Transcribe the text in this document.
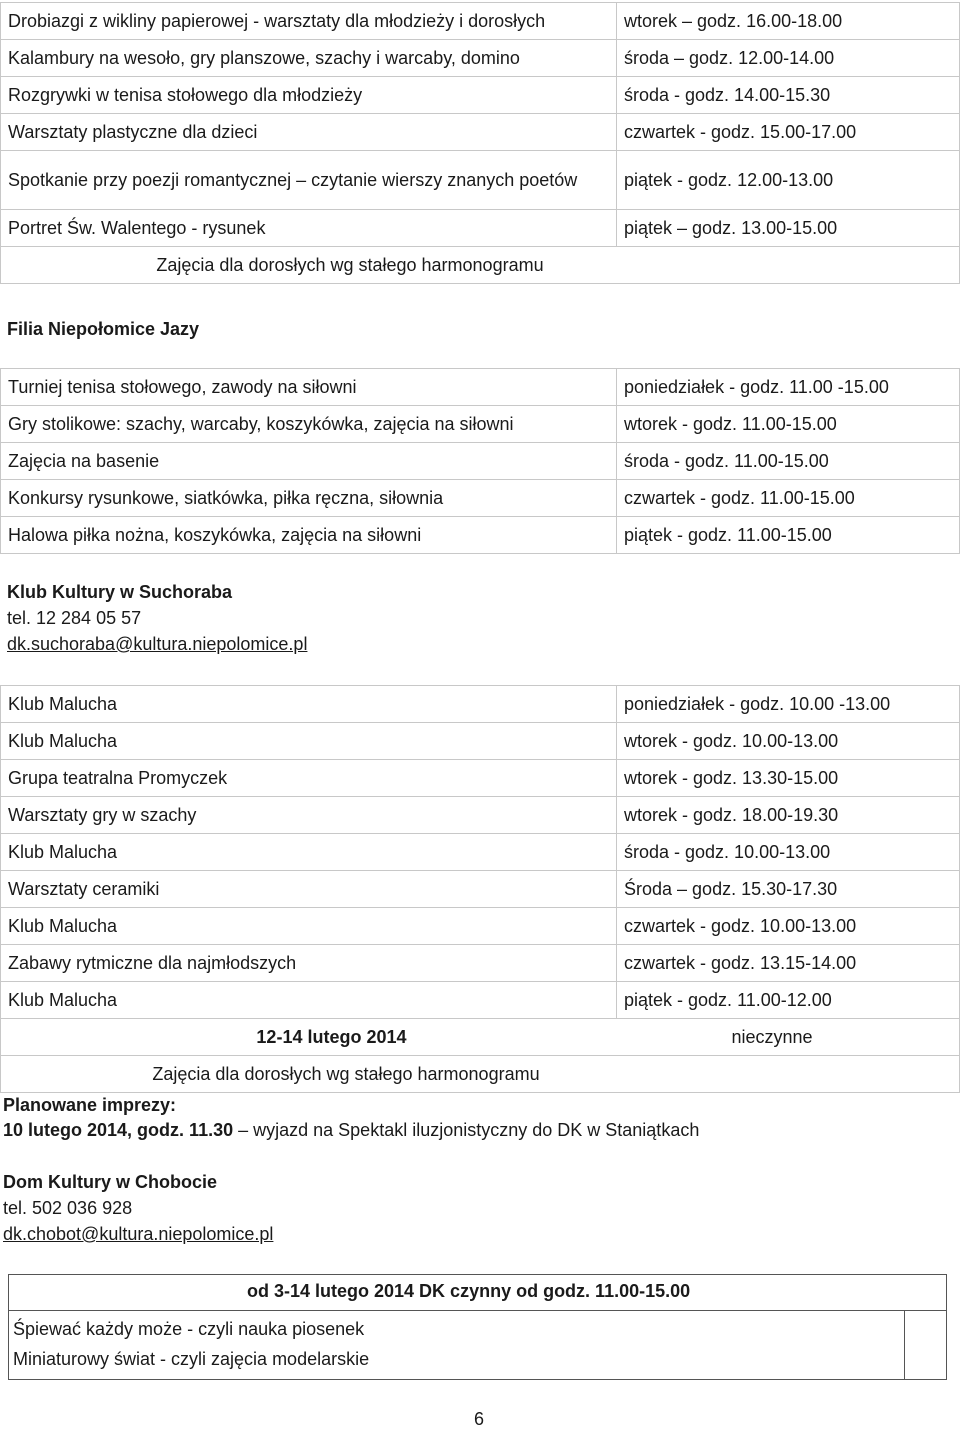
Drobiazgi z wikliny papierowej - warsztaty dla młodzieży i dorosłych	wtorek – godz. 16.00-18.00
Kalambury na wesoło, gry planszowe, szachy i warcaby, domino	środa – godz. 12.00-14.00
Rozgrywki w tenisa stołowego dla młodzieży	środa - godz. 14.00-15.30
Warsztaty plastyczne dla dzieci	czwartek - godz. 15.00-17.00
Spotkanie przy poezji romantycznej – czytanie wierszy znanych poetów	piątek - godz. 12.00-13.00
Portret Św. Walentego - rysunek	piątek – godz. 13.00-15.00
Zajęcia dla dorosłych wg stałego harmonogramu	
Filia Niepołomice Jazy
Turniej tenisa stołowego, zawody na siłowni	poniedziałek - godz. 11.00 -15.00
Gry stolikowe: szachy, warcaby, koszykówka, zajęcia na siłowni	wtorek - godz. 11.00-15.00
Zajęcia na basenie	środa - godz. 11.00-15.00
Konkursy rysunkowe, siatkówka, piłka ręczna, siłownia	czwartek - godz. 11.00-15.00
Halowa piłka nożna, koszykówka, zajęcia na siłowni	piątek - godz. 11.00-15.00
Klub Kultury w Suchoraba
tel. 12 284 05 57
dk.suchoraba@kultura.niepolomice.pl
Klub Malucha	poniedziałek - godz. 10.00 -13.00
Klub Malucha	wtorek - godz. 10.00-13.00
Grupa teatralna Promyczek	wtorek - godz. 13.30-15.00
Warsztaty gry w szachy	wtorek - godz. 18.00-19.30
Klub Malucha	środa - godz. 10.00-13.00
Warsztaty ceramiki	Środa – godz. 15.30-17.30
Klub Malucha	czwartek - godz. 10.00-13.00
Zabawy rytmiczne dla najmłodszych	czwartek - godz. 13.15-14.00
Klub Malucha	piątek - godz. 11.00-12.00
12-14 lutego 2014	nieczynne
Zajęcia dla dorosłych wg stałego harmonogramu	
Planowane imprezy:
10 lutego 2014, godz. 11.30 – wyjazd na Spektakl iluzjonistyczny do DK w Staniątkach
Dom Kultury w Chobocie
tel. 502 036 928
dk.chobot@kultura.niepolomice.pl
od 3-14 lutego 2014 DK czynny od godz. 11.00-15.00
Śpiewać każdy może - czyli nauka piosenek
Miniaturowy świat - czyli zajęcia modelarskie
6
